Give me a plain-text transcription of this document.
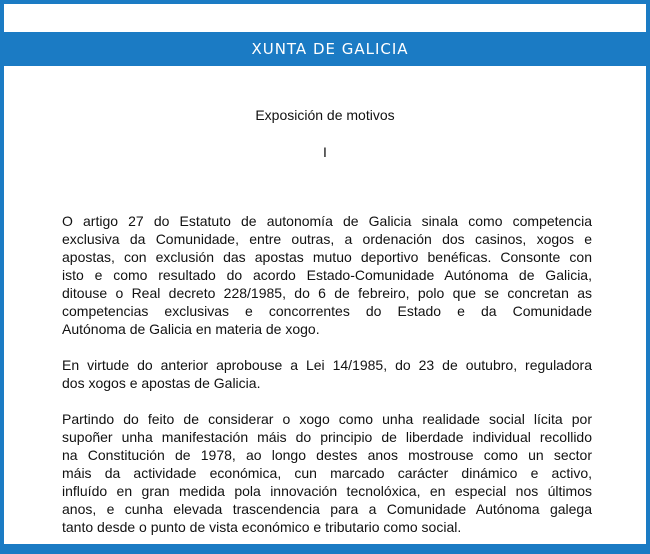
XUNTA DE GALICIA
Exposición de motivos
I

O artigo 27 do Estatuto de autonomía de Galicia sinala como competencia
exclusiva da Comunidade, entre outras, a ordenación dos casinos, xogos e
apostas, con exclusión das apostas mutuo deportivo benéficas. Consonte con
isto e como resultado do acordo Estado-Comunidade Autónoma de Galicia,
ditouse o Real decreto 228/1985, do 6 de febreiro, polo que se concretan as
competencias exclusivas e concorrentes do Estado e da Comunidade
Autónoma de Galicia en materia de xogo.

En virtude do anterior aprobouse a Lei 14/1985, do 23 de outubro, reguladora
dos xogos e apostas de Galicia.

Partindo do feito de considerar o xogo como unha realidade social lícita por
supoñer unha manifestación máis do principio de liberdade individual recollido
na Constitución de 1978, ao longo destes anos mostrouse como un sector
máis da actividade económica, cun marcado carácter dinámico e activo,
influído en gran medida pola innovación tecnolóxica, en especial nos últimos
anos, e cunha elevada trascendencia para a Comunidade Autónoma galega
tanto desde o punto de vista económico e tributario como social.
